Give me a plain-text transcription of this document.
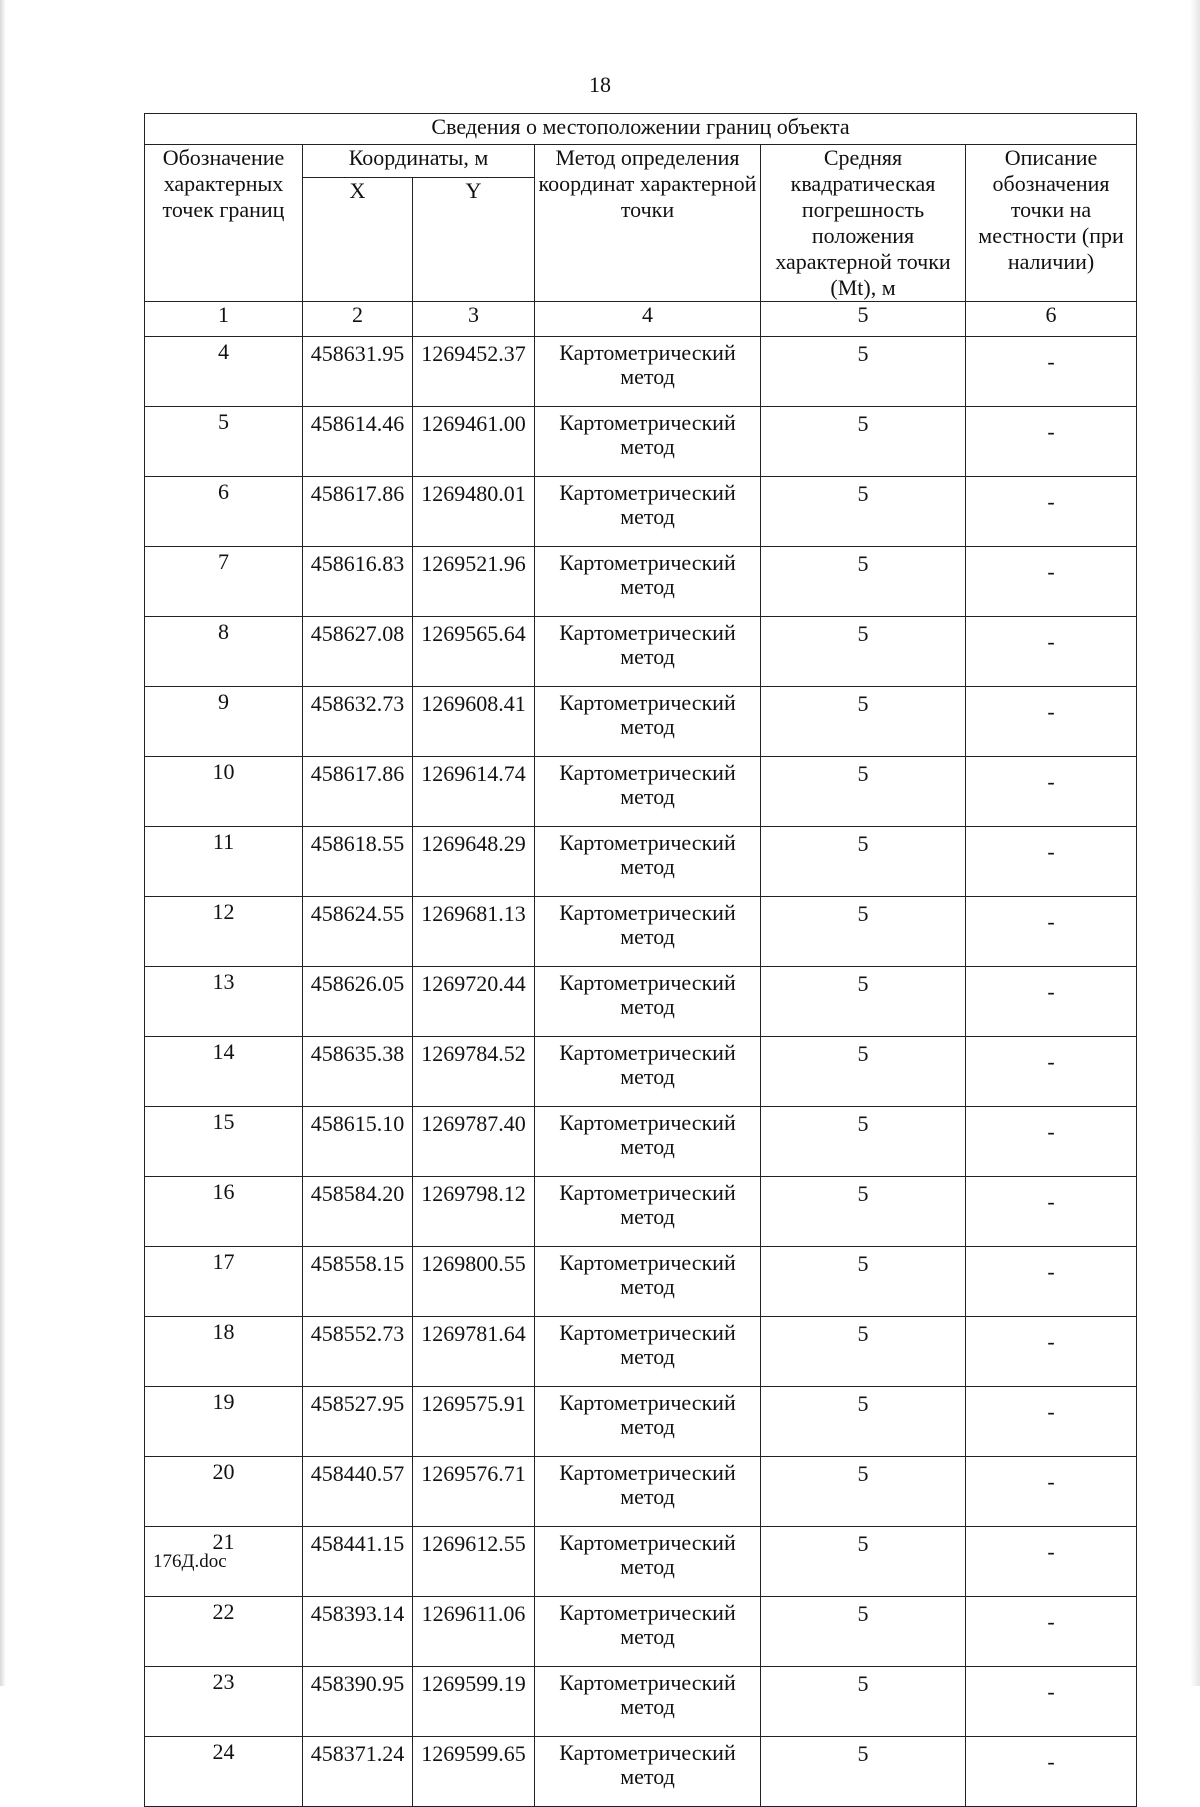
18
Сведения о местоположении границ объекта					
Обозначение характерных точек границ	Координаты, м		Метод определения координат характерной точки	Средняя квадратическая погрешность положения характерной точки (Mt), м	Описание обозначения точки на местности (при наличии)
	X	Y			
1	2	3	4	5	6
4	458631.95	1269452.37	Картометрический метод	5	-
5	458614.46	1269461.00	Картометрический метод	5	-
6	458617.86	1269480.01	Картометрический метод	5	-
7	458616.83	1269521.96	Картометрический метод	5	-
8	458627.08	1269565.64	Картометрический метод	5	-
9	458632.73	1269608.41	Картометрический метод	5	-
10	458617.86	1269614.74	Картометрический метод	5	-
11	458618.55	1269648.29	Картометрический метод	5	-
12	458624.55	1269681.13	Картометрический метод	5	-
13	458626.05	1269720.44	Картометрический метод	5	-
14	458635.38	1269784.52	Картометрический метод	5	-
15	458615.10	1269787.40	Картометрический метод	5	-
16	458584.20	1269798.12	Картометрический метод	5	-
17	458558.15	1269800.55	Картометрический метод	5	-
18	458552.73	1269781.64	Картометрический метод	5	-
19	458527.95	1269575.91	Картометрический метод	5	-
20	458440.57	1269576.71	Картометрический метод	5	-
21	458441.15	1269612.55	Картометрический метод	5	-
22	458393.14	1269611.06	Картометрический метод	5	-
23	458390.95	1269599.19	Картометрический метод	5	-
24	458371.24	1269599.65	Картометрический метод	5	-
176Д.doc
